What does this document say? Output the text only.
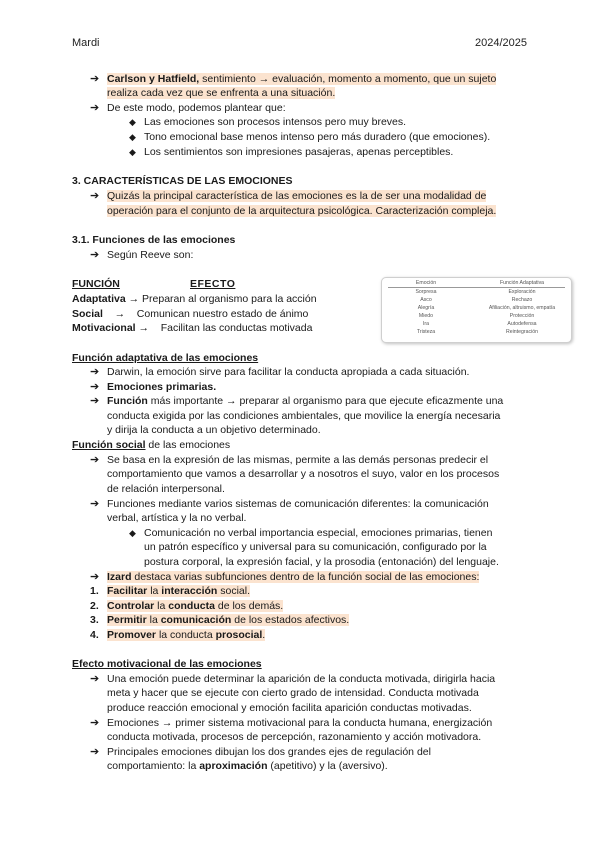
Mardi	2024/2025
➔ Carlson y Hatfield, sentimiento → evaluación, momento a momento, que un sujeto
realiza cada vez que se enfrenta a una situación.
➔ De este modo, podemos plantear que:
◆ Las emociones son procesos intensos pero muy breves.
◆ Tono emocional base menos intenso pero más duradero (que emociones).
◆ Los sentimientos son impresiones pasajeras, apenas perceptibles.
3. CARACTERÍSTICAS DE LAS EMOCIONES
➔ Quizás la principal característica de las emociones es la de ser una modalidad de
operación para el conjunto de la arquitectura psicológica. Caracterización compleja.
3.1. Funciones de las emociones
➔ Según Reeve son:
FUNCIÓN	EFECTO
Adaptativa → Preparan al organismo para la acción
Social    →    Comunican nuestro estado de ánimo
Motivacional →    Facilitan las conductas motivada
Emoción	Función Adaptativa
Sorpresa	Exploración
Asco	Rechazo
Alegría	Afiliación, altruismo, empatía
Miedo	Protección
Ira	Autodefensa
Tristeza	Reintegración
Función adaptativa de las emociones
➔ Darwin, la emoción sirve para facilitar la conducta apropiada a cada situación.
➔ Emociones primarias.
➔ Función más importante → preparar al organismo para que ejecute eficazmente una
conducta exigida por las condiciones ambientales, que movilice la energía necesaria
y dirija la conducta a un objetivo determinado.
Función social de las emociones
➔ Se basa en la expresión de las mismas, permite a las demás personas predecir el
comportamiento que vamos a desarrollar y a nosotros el suyo, valor en los procesos
de relación interpersonal.
➔ Funciones mediante varios sistemas de comunicación diferentes: la comunicación
verbal, artística y la no verbal.
◆ Comunicación no verbal importancia especial, emociones primarias, tienen
un patrón específico y universal para su comunicación, configurado por la
postura corporal, la expresión facial, y la prosodia (entonación) del lenguaje.
➔ Izard destaca varias subfunciones dentro de la función social de las emociones:
1. Facilitar la interacción social.
2. Controlar la conducta de los demás.
3. Permitir la comunicación de los estados afectivos.
4. Promover la conducta prosocial.
Efecto motivacional de las emociones
➔ Una emoción puede determinar la aparición de la conducta motivada, dirigirla hacia
meta y hacer que se ejecute con cierto grado de intensidad. Conducta motivada
produce reacción emocional y emoción facilita aparición conductas motivadas.
➔ Emociones → primer sistema motivacional para la conducta humana, energización
conducta motivada, procesos de percepción, razonamiento y acción motivadora.
➔ Principales emociones dibujan los dos grandes ejes de regulación del
comportamiento: la aproximación (apetitivo) y la (aversivo).
